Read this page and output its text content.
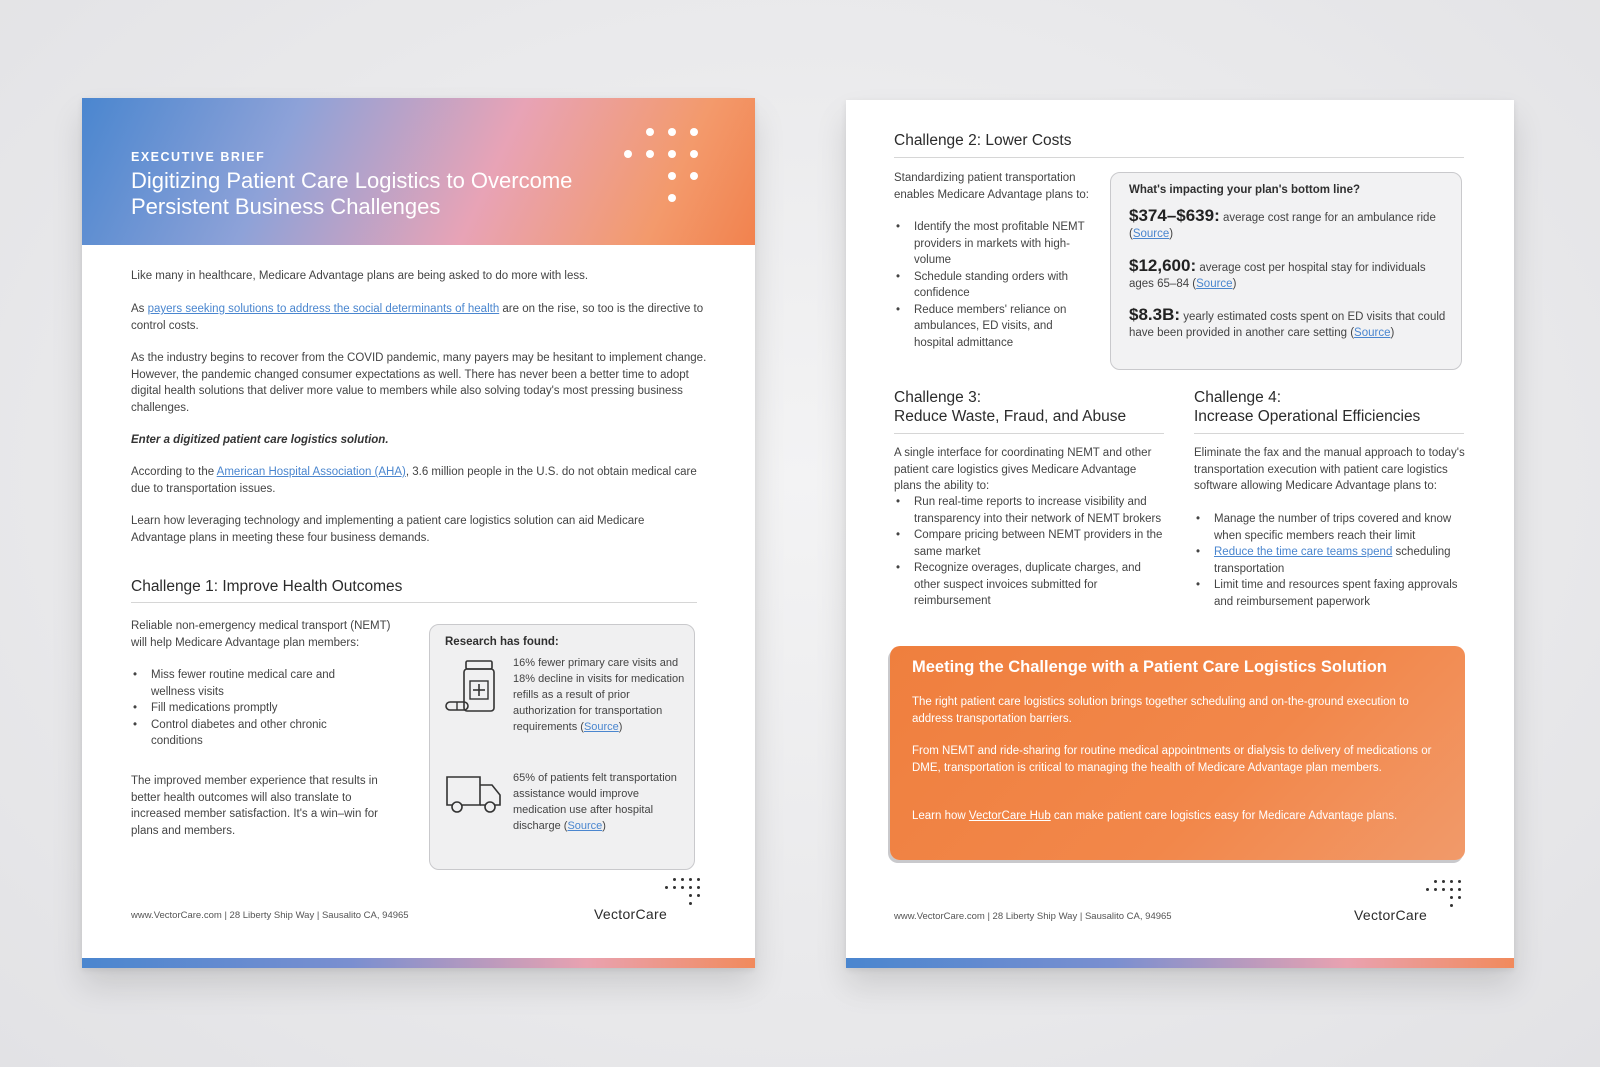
EXECUTIVE BRIEF
Digitizing Patient Care Logistics to Overcome Persistent Business Challenges

Like many in healthcare, Medicare Advantage plans are being asked to do more with less.

As payers seeking solutions to address the social determinants of health are on the rise, so too is the directive to control costs.

As the industry begins to recover from the COVID pandemic, many payers may be hesitant to implement change. However, the pandemic changed consumer expectations as well. There has never been a better time to adopt digital health solutions that deliver more value to members while also solving today's most pressing business challenges.

Enter a digitized patient care logistics solution.

According to the American Hospital Association (AHA), 3.6 million people in the U.S. do not obtain medical care due to transportation issues.

Learn how leveraging technology and implementing a patient care logistics solution can aid Medicare Advantage plans in meeting these four business demands.

Challenge 1: Improve Health Outcomes

Reliable non-emergency medical transport (NEMT) will help Medicare Advantage plan members:

• Miss fewer routine medical care and wellness visits
• Fill medications promptly
• Control diabetes and other chronic conditions

The improved member experience that results in better health outcomes will also translate to increased member satisfaction. It's a win–win for plans and members.

Research has found:

16% fewer primary care visits and 18% decline in visits for medication refills as a result of prior authorization for transportation requirements (Source)

65% of patients felt transportation assistance would improve medication use after hospital discharge (Source)

www.VectorCare.com | 28 Liberty Ship Way | Sausalito CA, 94965	VectorCare
Challenge 2: Lower Costs

Standardizing patient transportation enables Medicare Advantage plans to:

• Identify the most profitable NEMT providers in markets with high-volume
• Schedule standing orders with confidence
• Reduce members' reliance on ambulances, ED visits, and hospital admittance
What's impacting your plan's bottom line?
$374–$639: average cost range for an ambulance ride (Source)
$12,600: average cost per hospital stay for individuals ages 65–84 (Source)
$8.3B: yearly estimated costs spent on ED visits that could have been provided in another care setting (Source)
Challenge 3:
Reduce Waste, Fraud, and Abuse

A single interface for coordinating NEMT and other patient care logistics gives Medicare Advantage plans the ability to:

• Run real-time reports to increase visibility and transparency into their network of NEMT brokers
• Compare pricing between NEMT providers in the same market
• Recognize overages, duplicate charges, and other suspect invoices submitted for reimbursement
Challenge 4:
Increase Operational Efficiencies

Eliminate the fax and the manual approach to today's transportation execution with patient care logistics software allowing Medicare Advantage plans to:

• Manage the number of trips covered and know when specific members reach their limit
• Reduce the time care teams spend scheduling transportation
• Limit time and resources spent faxing approvals and reimbursement paperwork
Meeting the Challenge with a Patient Care Logistics Solution

The right patient care logistics solution brings together scheduling and on-the-ground execution to address transportation barriers.

From NEMT and ride-sharing for routine medical appointments or dialysis to delivery of medications or DME, transportation is critical to managing the health of Medicare Advantage plan members.

Learn how VectorCare Hub can make patient care logistics easy for Medicare Advantage plans.

www.VectorCare.com | 28 Liberty Ship Way | Sausalito CA, 94965	VectorCare
